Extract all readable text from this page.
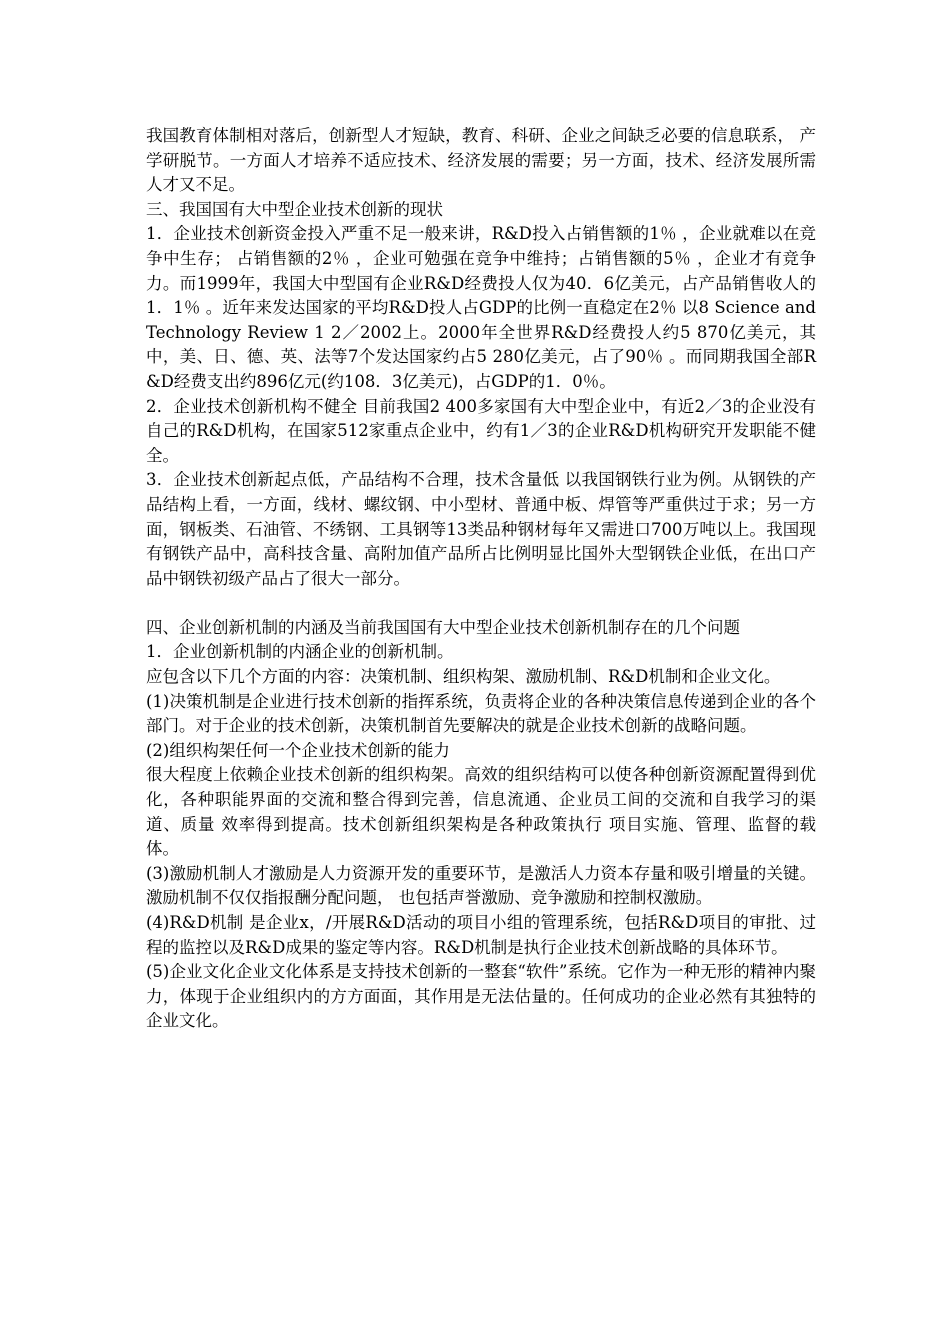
我国教育体制相对落后，创新型人才短缺，教育、科研、企业之间缺乏必要的信息联系， 产学研脱节。一方面人才培养不适应技术、经济发展的需要；另一方面，技术、经济发展所需人才又不足。

三、我国国有大中型企业技术创新的现状

1．企业技术创新资金投入严重不足一般来讲，R&D投入占销售额的1％ ，企业就难以在竞争中生存； 占销售额的2％ ，企业可勉强在竞争中维持；占销售额的5％ ，企业才有竞争力。而1999年，我国大中型国有企业R&D经费投人仅为40．6亿美元，占产品销售收人的1．1％ 。近年来发达国家的平均R&D投人占GDP的比例一直稳定在2％ 以8 Science and Technology Review 1 2／2002上。2000年全世界R&D经费投人约5 870亿美元，其中，美、日、德、英、法等7个发达国家约占5 280亿美元，占了90％ 。而同期我国全部R&D经费支出约896亿元(约108．3亿美元)，占GDP的1．0％。

2．企业技术创新机构不健全 目前我国2 400多家国有大中型企业中，有近2／3的企业没有自己的R&D机构，在国家512家重点企业中，约有1／3的企业R&D机构研究开发职能不健全。

3．企业技术创新起点低，产品结构不合理，技术含量低 以我国钢铁行业为例。从钢铁的产品结构上看，一方面，线材、螺纹钢、中小型材、普通中板、焊管等严重供过于求；另一方面，钢板类、石油管、不绣钢、工具钢等13类品种钢材每年又需进口700万吨以上。我国现有钢铁产品中，高科技含量、高附加值产品所占比例明显比国外大型钢铁企业低，在出口产品中钢铁初级产品占了很大一部分。

四、企业创新机制的内涵及当前我国国有大中型企业技术创新机制存在的几个问题

1．企业创新机制的内涵企业的创新机制。

应包含以下几个方面的内容：决策机制、组织构架、激励机制、R&D机制和企业文化。

(1)决策机制是企业进行技术创新的指挥系统，负责将企业的各种决策信息传递到企业的各个部门。对于企业的技术创新，决策机制首先要解决的就是企业技术创新的战略问题。

(2)组织构架任何一个企业技术创新的能力

很大程度上依赖企业技术创新的组织构架。高效的组织结构可以使各种创新资源配置得到优化，各种职能界面的交流和整合得到完善，信息流通、企业员工间的交流和自我学习的渠道、质量 效率得到提高。技术创新组织架构是各种政策执行 项目实施、管理、监督的载体。

(3)激励机制人才激励是人力资源开发的重要环节，是激活人力资本存量和吸引增量的关键。激励机制不仅仅指报酬分配问题， 也包括声誉激励、竞争激励和控制权激励。

(4)R&D机制 是企业x，/开展R&D活动的项目小组的管理系统，包括R&D项目的审批、过程的监控以及R&D成果的鉴定等内容。R&D机制是执行企业技术创新战略的具体环节。

(5)企业文化企业文化体系是支持技术创新的一整套“软件”系统。它作为一种无形的精神内聚力，体现于企业组织内的方方面面，其作用是无法估量的。任何成功的企业必然有其独特的企业文化。
